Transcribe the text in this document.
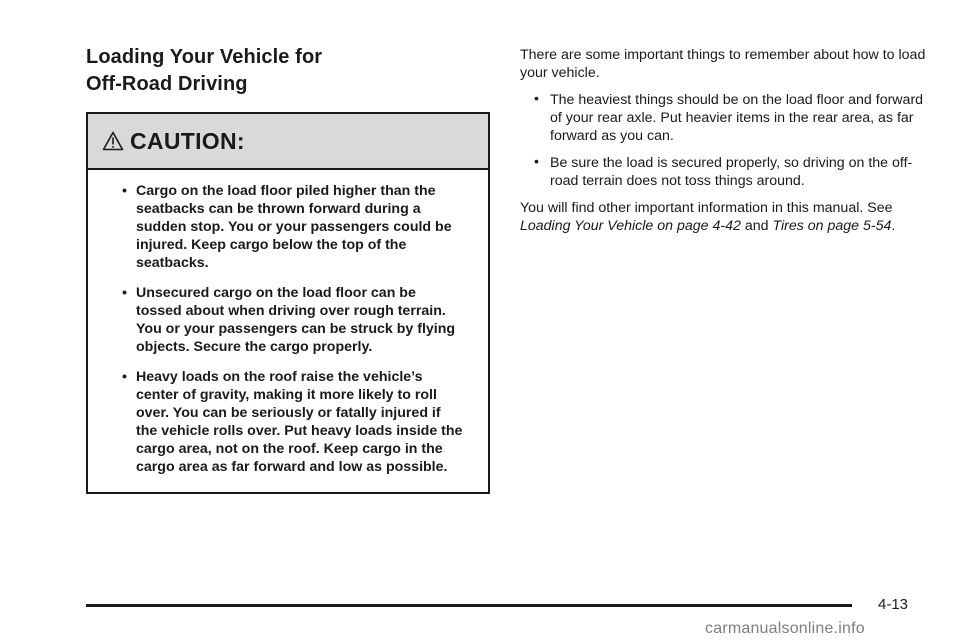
Loading Your Vehicle for
Off-Road Driving
CAUTION:
• Cargo on the load floor piled higher than the seatbacks can be thrown forward during a sudden stop. You or your passengers could be injured. Keep cargo below the top of the seatbacks.
• Unsecured cargo on the load floor can be tossed about when driving over rough terrain. You or your passengers can be struck by flying objects. Secure the cargo properly.
• Heavy loads on the roof raise the vehicle’s center of gravity, making it more likely to roll over. You can be seriously or fatally injured if the vehicle rolls over. Put heavy loads inside the cargo area, not on the roof. Keep cargo in the cargo area as far forward and low as possible.

There are some important things to remember about how to load your vehicle.

• The heaviest things should be on the load floor and forward of your rear axle. Put heavier items in the rear area, as far forward as you can.
• Be sure the load is secured properly, so driving on the off-road terrain does not toss things around.

You will find other important information in this manual. See Loading Your Vehicle on page 4-42 and Tires on page 5-54.

4-13
carmanualsonline.info
